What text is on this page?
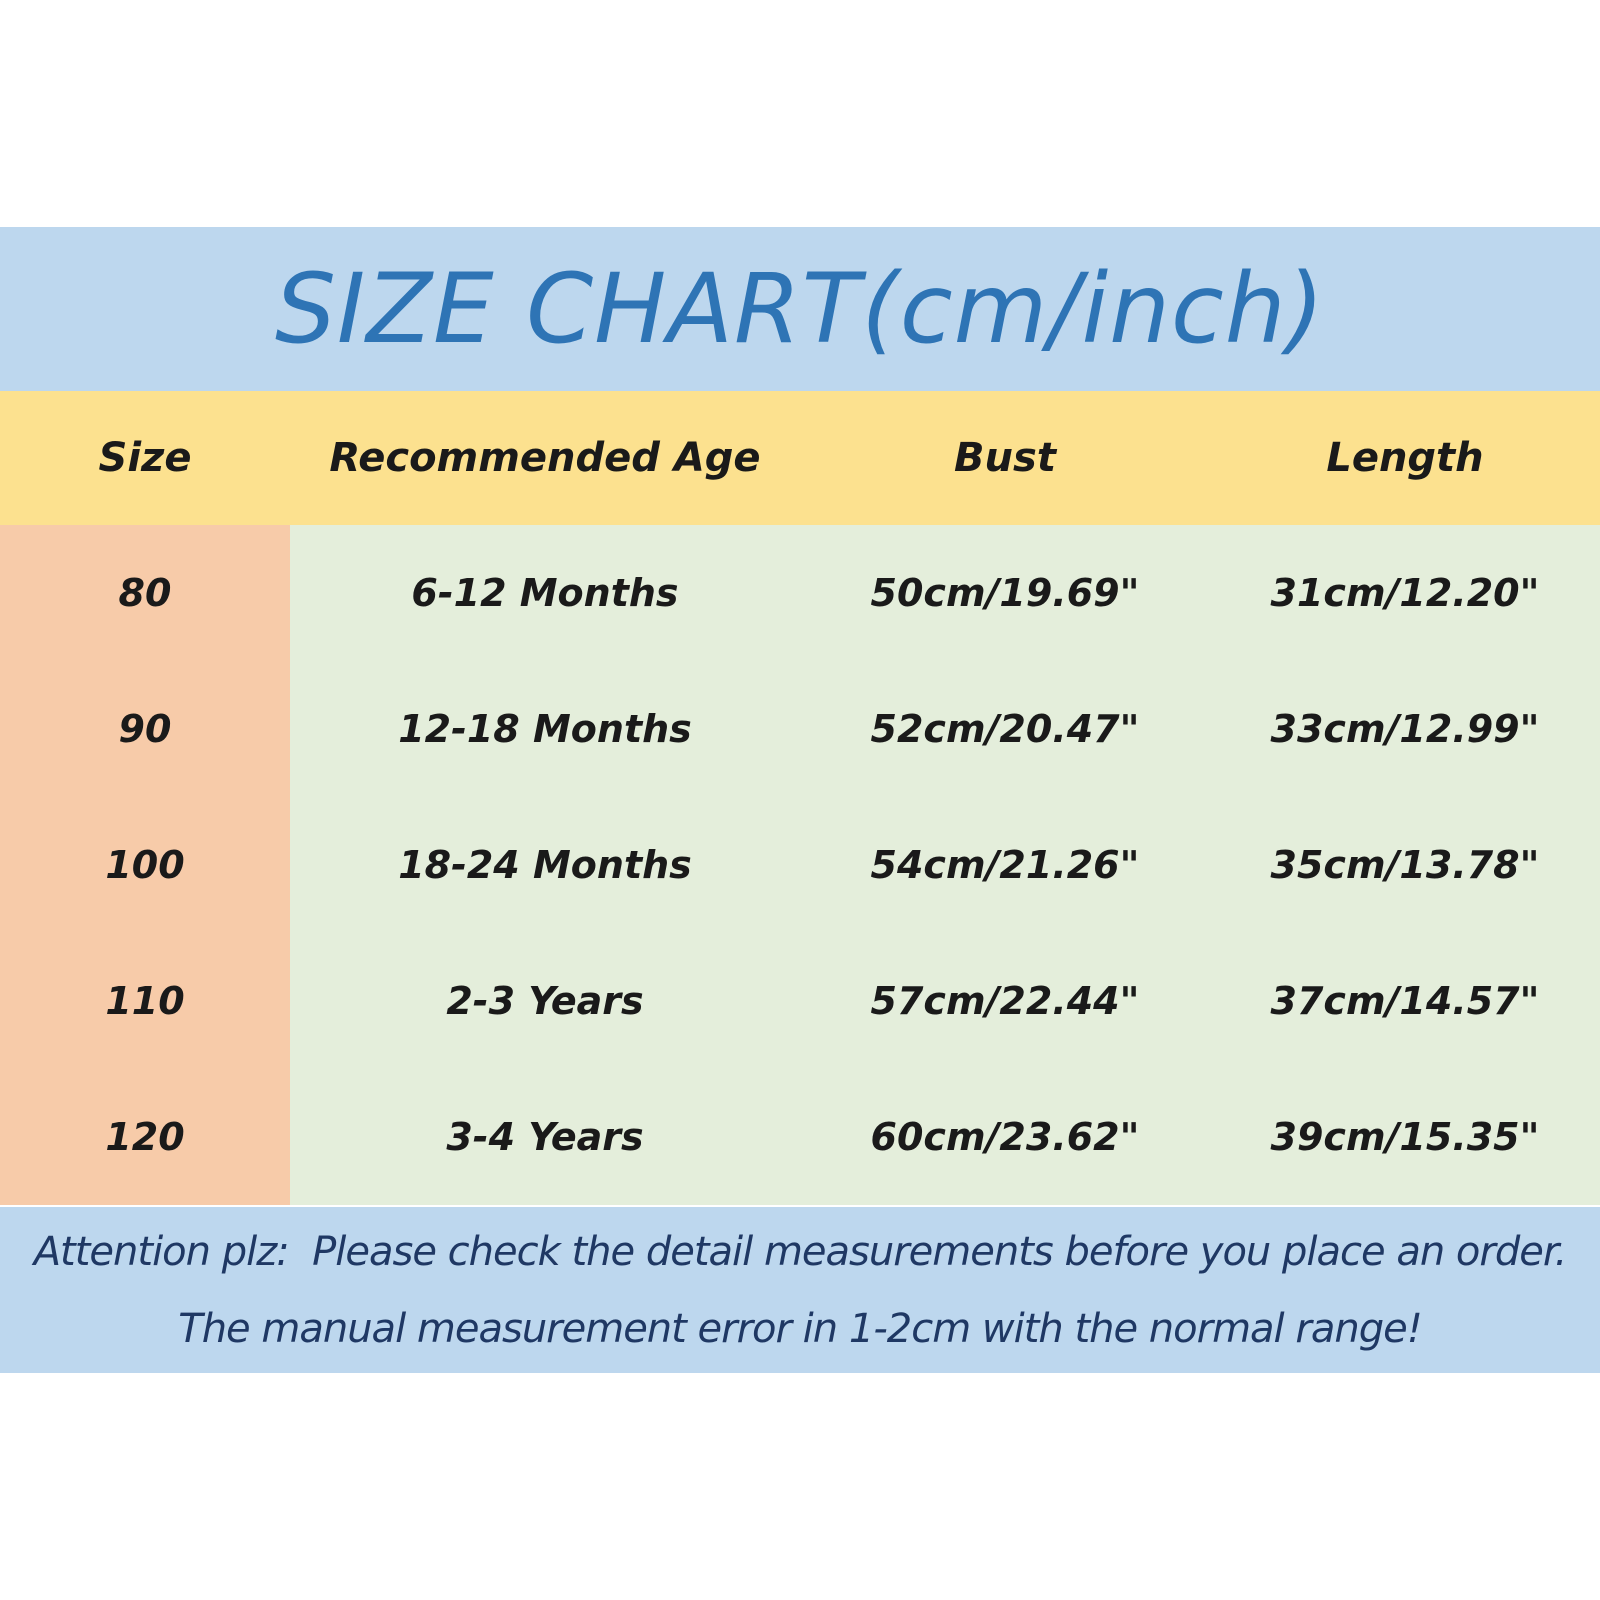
SIZE CHART(cm/inch)
Size	Recommended Age	Bust	Length
80	6-12 Months	50cm/19.69"	31cm/12.20"
90	12-18 Months	52cm/20.47"	33cm/12.99"
100	18-24 Months	54cm/21.26"	35cm/13.78"
110	2-3 Years	57cm/22.44"	37cm/14.57"
120	3-4 Years	60cm/23.62"	39cm/15.35"
Attention plz:  Please check the detail measurements before you place an order.
The manual measurement error in 1-2cm with the normal range!
